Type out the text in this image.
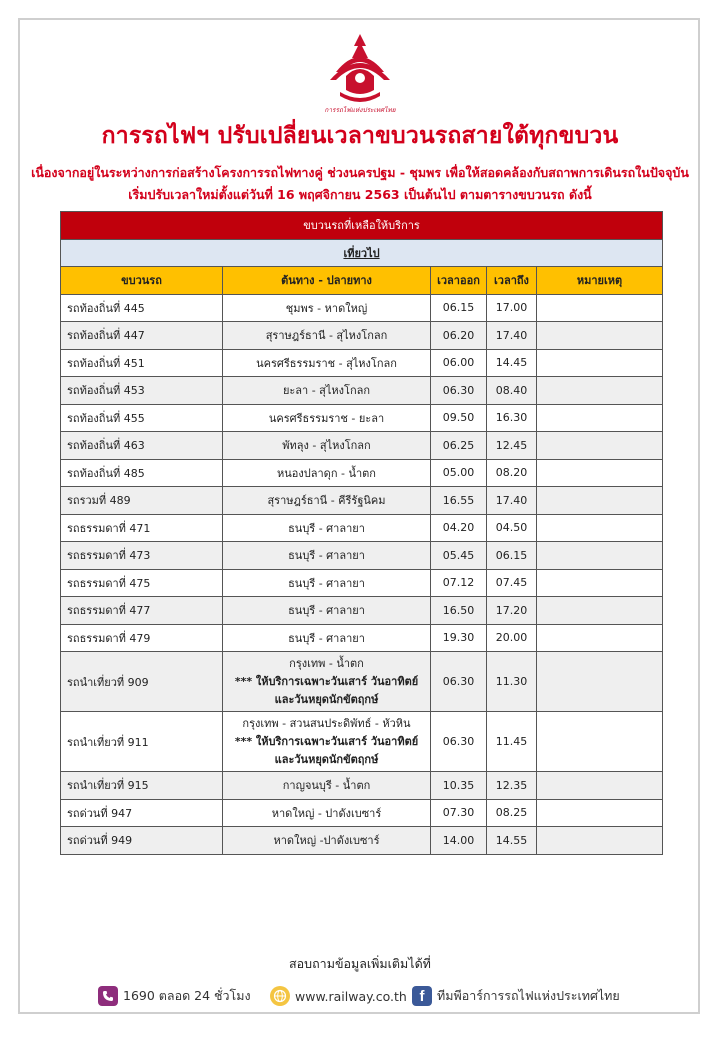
การรถไฟแห่งประเทศไทย
การรถไฟฯ ปรับเปลี่ยนเวลาขบวนรถสายใต้ทุกขบวน
เนื่องจากอยู่ในระหว่างการก่อสร้างโครงการรถไฟทางคู่ ช่วงนครปฐม - ชุมพร เพื่อให้สอดคล้องกับสถาพการเดินรถในปัจจุบัน
เริ่มปรับเวลาใหม่ตั้งแต่วันที่ 16 พฤศจิกายน 2563 เป็นต้นไป ตามตารางขบวนรถ ดังนี้
ขบวนรถที่เหลือให้บริการ				
เที่ยวไป				
ขบวนรถ	ต้นทาง - ปลายทาง	เวลาออก	เวลาถึง	หมายเหตุ
รถท้องถิ่นที่ 445	ชุมพร - หาดใหญ่	06.15	17.00	
รถท้องถิ่นที่ 447	สุราษฎร์ธานี - สุไหงโกลก	06.20	17.40	
รถท้องถิ่นที่ 451	นครศรีธรรมราช - สุไหงโกลก	06.00	14.45	
รถท้องถิ่นที่ 453	ยะลา - สุไหงโกลก	06.30	08.40	
รถท้องถิ่นที่ 455	นครศรีธรรมราช - ยะลา	09.50	16.30	
รถท้องถิ่นที่ 463	พัทลุง - สุไหงโกลก	06.25	12.45	
รถท้องถิ่นที่ 485	หนองปลาดุก - น้ำตก	05.00	08.20	
รถรวมที่ 489	สุราษฎร์ธานี - คีรีรัฐนิคม	16.55	17.40	
รถธรรมดาที่ 471	ธนบุรี - ศาลายา	04.20	04.50	
รถธรรมดาที่ 473	ธนบุรี - ศาลายา	05.45	06.15	
รถธรรมดาที่ 475	ธนบุรี - ศาลายา	07.12	07.45	
รถธรรมดาที่ 477	ธนบุรี - ศาลายา	16.50	17.20	
รถธรรมดาที่ 479	ธนบุรี - ศาลายา	19.30	20.00	
รถนำเที่ยวที่ 909	กรุงเทพ - น้ำตก
*** ให้บริการเฉพาะวันเสาร์ วันอาทิตย์
และวันหยุดนักขัตฤกษ์	06.30	11.30	
รถนำเที่ยวที่ 911	กรุงเทพ - สวนสนประดิพัทธ์ - หัวหิน
*** ให้บริการเฉพาะวันเสาร์ วันอาทิตย์
และวันหยุดนักขัตฤกษ์	06.30	11.45	
รถนำเที่ยวที่ 915	กาญจนบุรี - น้ำตก	10.35	12.35	
รถด่วนที่ 947	หาดใหญ่ - ปาดังเบซาร์	07.30	08.25	
รถด่วนที่ 949	หาดใหญ่ -ปาดังเบซาร์	14.00	14.55	
สอบถามข้อมูลเพิ่มเติมได้ที่
1690 ตลอด 24 ชั่วโมง	www.railway.co.th f	ทีมพีอาร์การรถไฟแห่งประเทศไทย
